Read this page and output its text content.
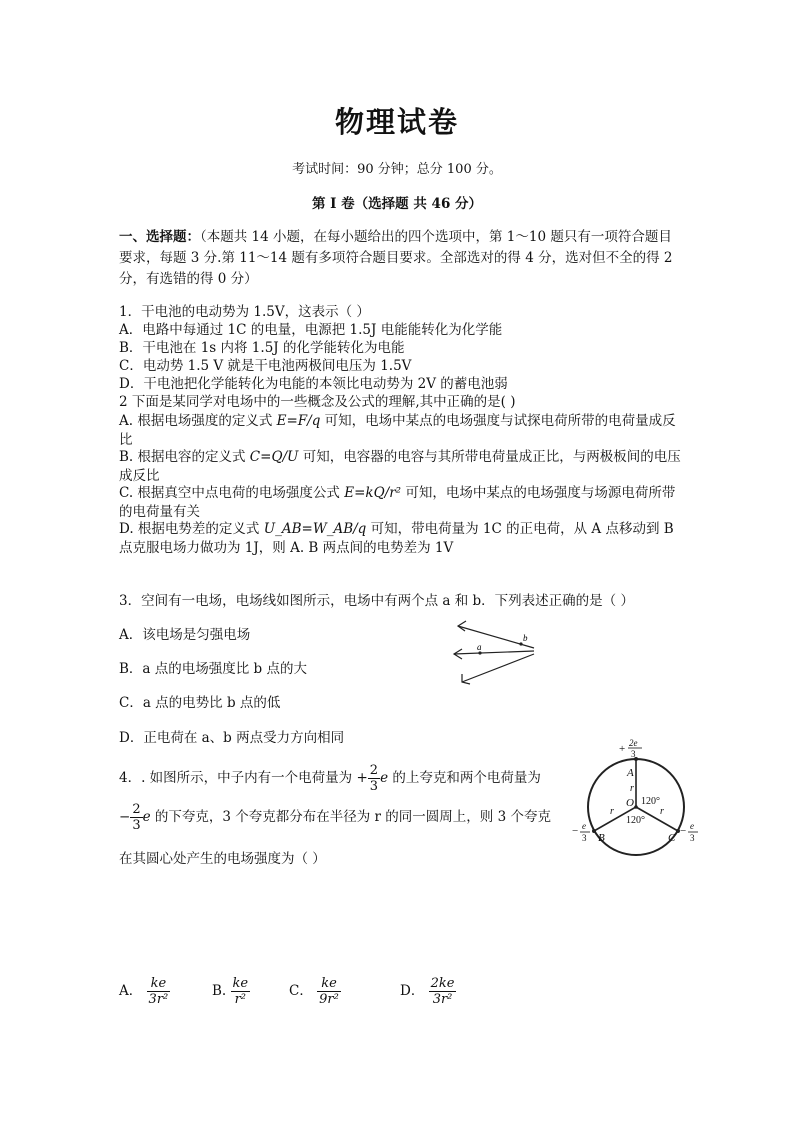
物理试卷
考试时间：90 分钟；总分 100 分。
第 I 卷（选择题 共 46 分）
一、选择题：（本题共 14 小题，在每小题给出的四个选项中，第 1～10 题只有一项符合题目要求，每题 3 分.第 11～14 题有多项符合题目要求。全部选对的得 4 分，选对但不全的得 2 分，有选错的得 0 分）
1．干电池的电动势为 1.5V，这表示（ ）
A．电路中每通过 1C 的电量，电源把 1.5J 电能能转化为化学能
B．干电池在 1s 内将 1.5J 的化学能转化为电能
C．电动势 1.5 V 就是干电池两极间电压为 1.5V
D．干电池把化学能转化为电能的本领比电动势为 2V 的蓄电池弱
2 下面是某同学对电场中的一些概念及公式的理解,其中正确的是( )
A. 根据电场强度的定义式 E=F/q 可知，电场中某点的电场强度与试探电荷所带的电荷量成反比
B. 根据电容的定义式 C=Q/U 可知，电容器的电容与其所带电荷量成正比，与两极板间的电压成反比
C. 根据真空中点电荷的电场强度公式 E=kQ/r² 可知，电场中某点的电场强度与场源电荷所带的电荷量有关
D. 根据电势差的定义式 U_AB=W_AB/q 可知，带电荷量为 1C 的正电荷，从 A 点移动到 B 点克服电场力做功为 1J，则 A. B 两点间的电势差为 1V
3．空间有一电场，电场线如图所示，电场中有两个点 a 和 b．下列表述正确的是（ ）
A．该电场是匀强电场
B．a 点的电场强度比 b 点的大
C．a 点的电势比 b 点的低
D．正电荷在 a、b 两点受力方向相同
b
a
4．. 如图所示，中子内有一个电荷量为 + $\frac{2}{3}$ e 的上夸克和两个电荷量为
− $\frac{2}{3}$ e 的下夸克，3 个夸克都分布在半径为 r 的同一圆周上，则 3 个夸克
在其圆心处产生的电场强度为（ ）
+ 2e
3
− e
3
− e
3
A
r
O 120°
120°
r	r
B	C
A． $\frac{ke}{\text{3r²}}$	B. $\frac{ke}{\text{r²}}$	C． $\frac{ke}{\text{9r²}}$	D． $\frac{2ke}{\text{3r²}}$
